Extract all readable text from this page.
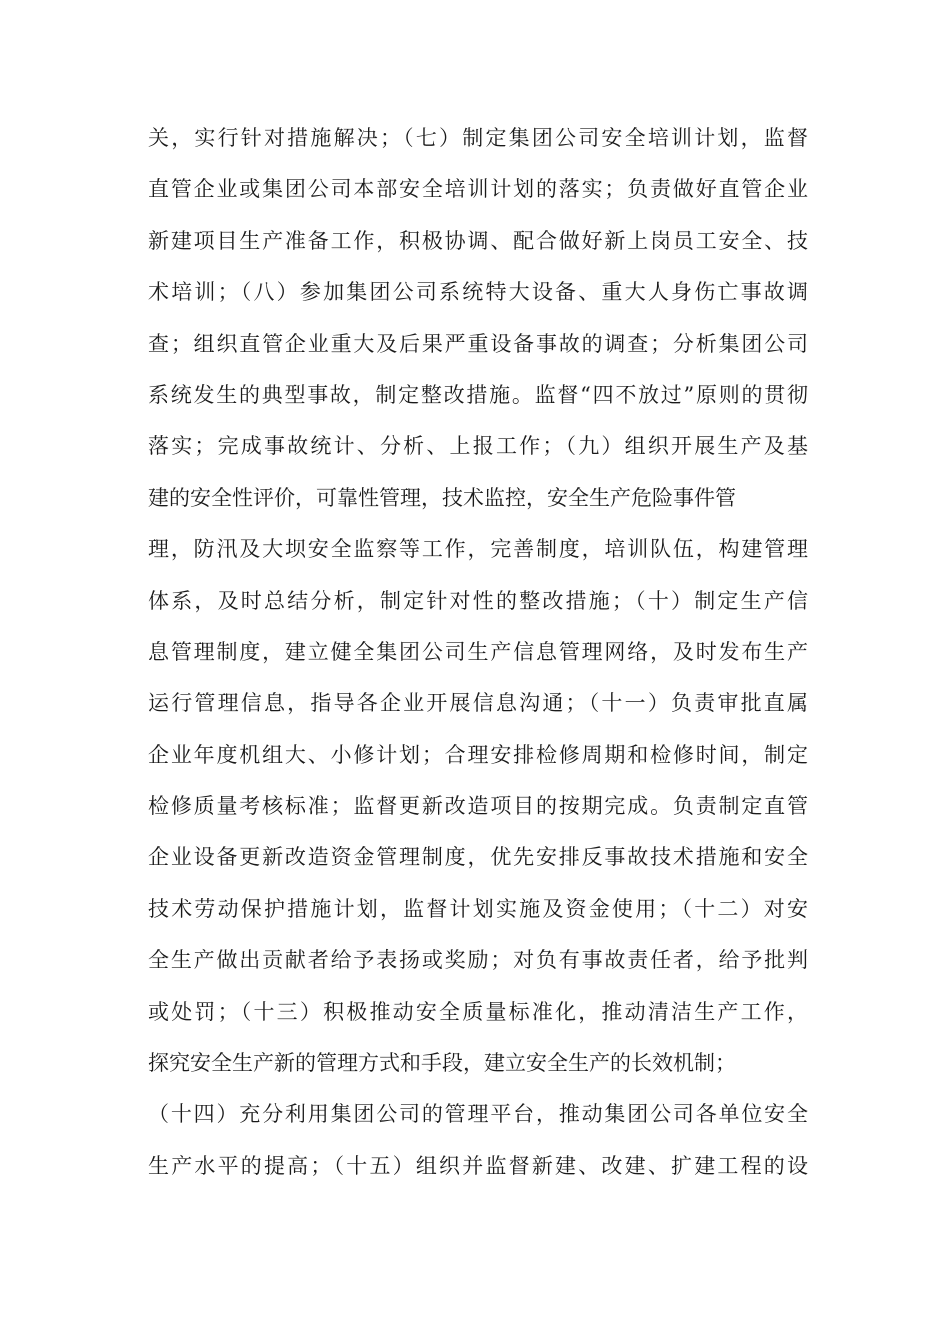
关，实行针对措施解决；（七）制定集团公司安全培训计划，监督
直管企业或集团公司本部安全培训计划的落实；负责做好直管企业
新建项目生产准备工作，积极协调、配合做好新上岗员工安全、技
术培训；（八）参加集团公司系统特大设备、重大人身伤亡事故调
查；组织直管企业重大及后果严重设备事故的调查；分析集团公司
系统发生的典型事故，制定整改措施。监督“四不放过”原则的贯彻
落实；完成事故统计、分析、上报工作；（九）组织开展生产及基
建的安全性评价，可靠性管理，技术监控，安全生产危险事件管
理，防汛及大坝安全监察等工作，完善制度，培训队伍，构建管理
体系，及时总结分析，制定针对性的整改措施；（十）制定生产信
息管理制度，建立健全集团公司生产信息管理网络，及时发布生产
运行管理信息，指导各企业开展信息沟通；（十一）负责审批直属
企业年度机组大、小修计划；合理安排检修周期和检修时间，制定
检修质量考核标准；监督更新改造项目的按期完成。负责制定直管
企业设备更新改造资金管理制度，优先安排反事故技术措施和安全
技术劳动保护措施计划，监督计划实施及资金使用；（十二）对安
全生产做出贡献者给予表扬或奖励；对负有事故责任者，给予批判
或处罚；（十三）积极推动安全质量标准化，推动清洁生产工作，
探究安全生产新的管理方式和手段，建立安全生产的长效机制；
（十四）充分利用集团公司的管理平台，推动集团公司各单位安全
生产水平的提高；（十五）组织并监督新建、改建、扩建工程的设
